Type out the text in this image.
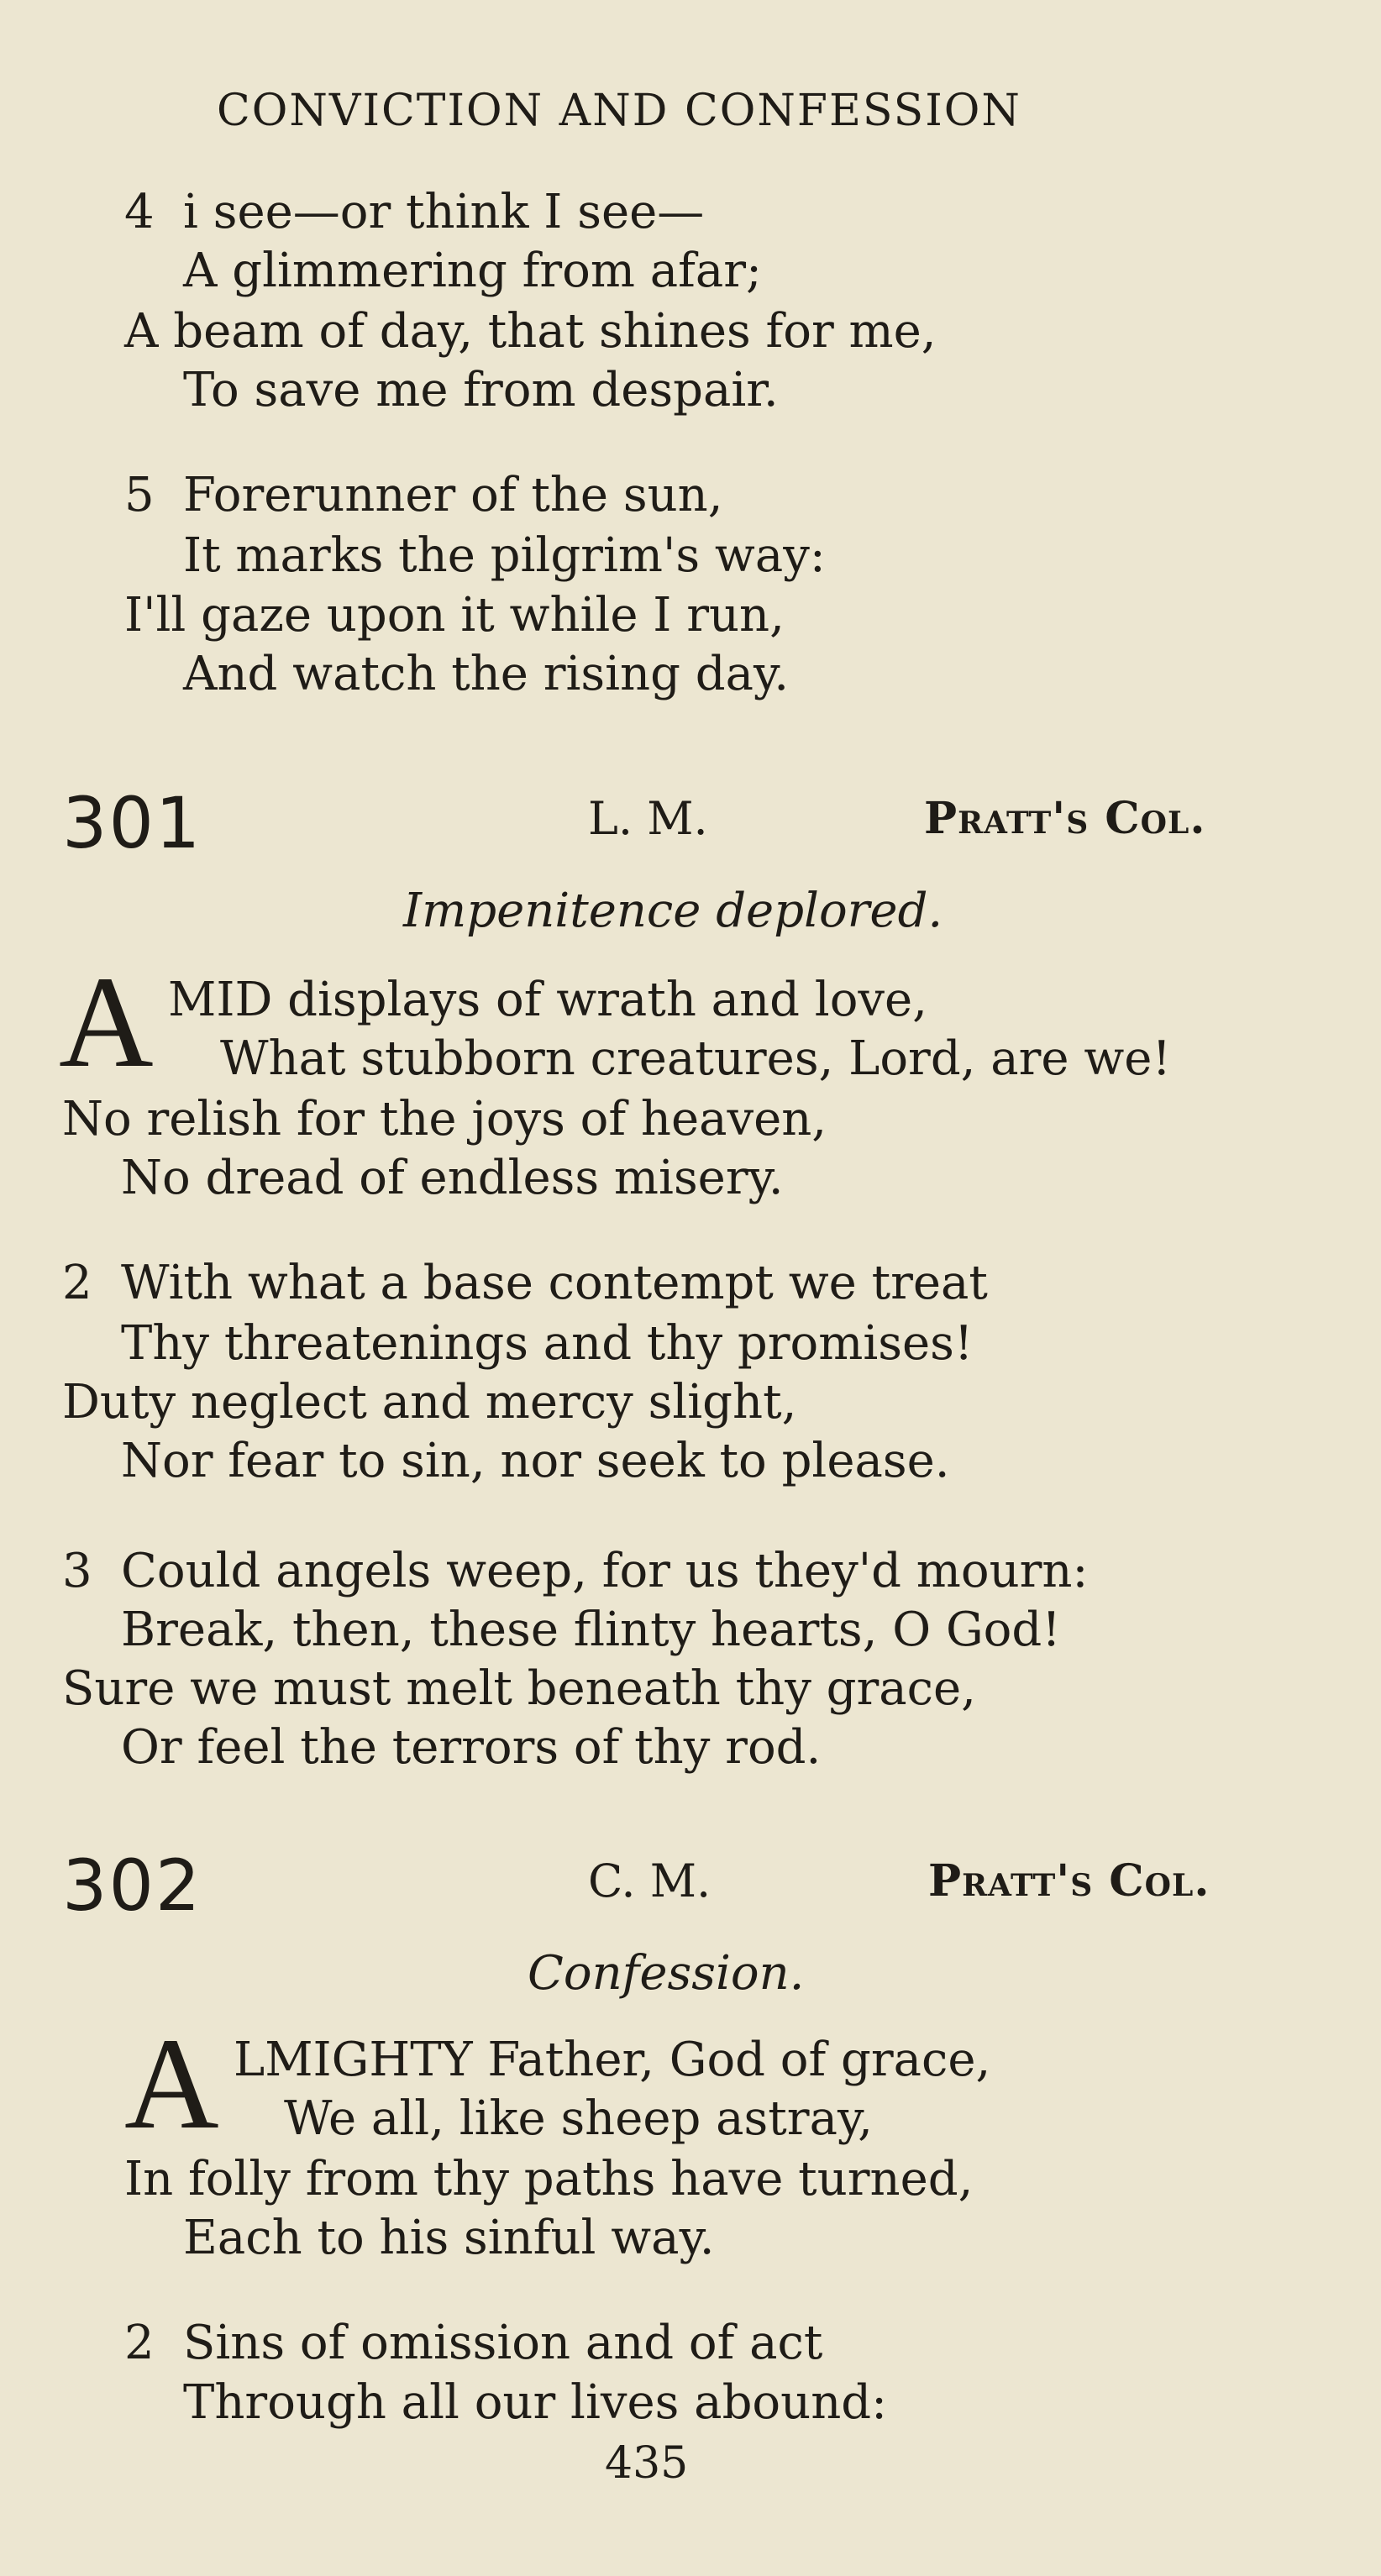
CONVICTION AND CONFESSION
4 i see—or think I see—
A glimmering from afar;
A beam of day, that shines for me,
To save me from despair.
5 Forerunner of the sun,
It marks the pilgrim's way:
I'll gaze upon it while I run,
And watch the rising day.
301	L. M.	Pratt's Col.
Impenitence deplored.
A MID displays of wrath and love,
What stubborn creatures, Lord, are we!
No relish for the joys of heaven,
No dread of endless misery.
2 With what a base contempt we treat
Thy threatenings and thy promises!
Duty neglect and mercy slight,
Nor fear to sin, nor seek to please.
3 Could angels weep, for us they'd mourn:
Break, then, these flinty hearts, O God!
Sure we must melt beneath thy grace,
Or feel the terrors of thy rod.
302	C. M.	Pratt's Col.
Confession.
A LMIGHTY Father, God of grace,
We all, like sheep astray,
In folly from thy paths have turned,
Each to his sinful way.
2 Sins of omission and of act
Through all our lives abound:
435
